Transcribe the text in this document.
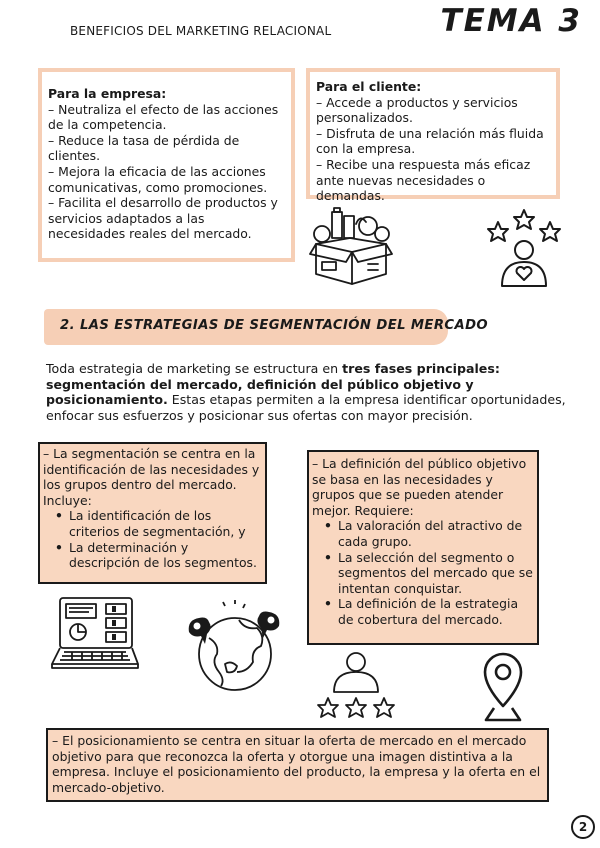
BENEFICIOS DEL MARKETING RELACIONAL	TEMA 3
Para la empresa:
– Neutraliza el efecto de las acciones de la competencia.
– Reduce la tasa de pérdida de clientes.
– Mejora la eficacia de las acciones comunicativas, como promociones.
– Facilita el desarrollo de productos y servicios adaptados a las necesidades reales del mercado.
Para el cliente:
– Accede a productos y servicios personalizados.
– Disfruta de una relación más fluida con la empresa.
– Recibe una respuesta más eficaz ante nuevas necesidades o demandas.
2. LAS ESTRATEGIAS DE SEGMENTACIÓN DEL MERCADO
Toda estrategia de marketing se estructura en tres fases principales: segmentación del mercado, definición del público objetivo y posicionamiento. Estas etapas permiten a la empresa identificar oportunidades, enfocar sus esfuerzos y posicionar sus ofertas con mayor precisión.
– La segmentación se centra en la identificación de las necesidades y los grupos dentro del mercado. Incluye:
• La identificación de los criterios de segmentación, y
• La determinación y descripción de los segmentos.
– La definición del público objetivo se basa en las necesidades y grupos que se pueden atender mejor. Requiere:
• La valoración del atractivo de cada grupo.
• La selección del segmento o segmentos del mercado que se intentan conquistar.
• La definición de la estrategia de cobertura del mercado.
– El posicionamiento se centra en situar la oferta de mercado en el mercado objetivo para que reconozca la oferta y otorgue una imagen distintiva a la empresa. Incluye el posicionamiento del producto, la empresa y la oferta en el mercado-objetivo.
2
